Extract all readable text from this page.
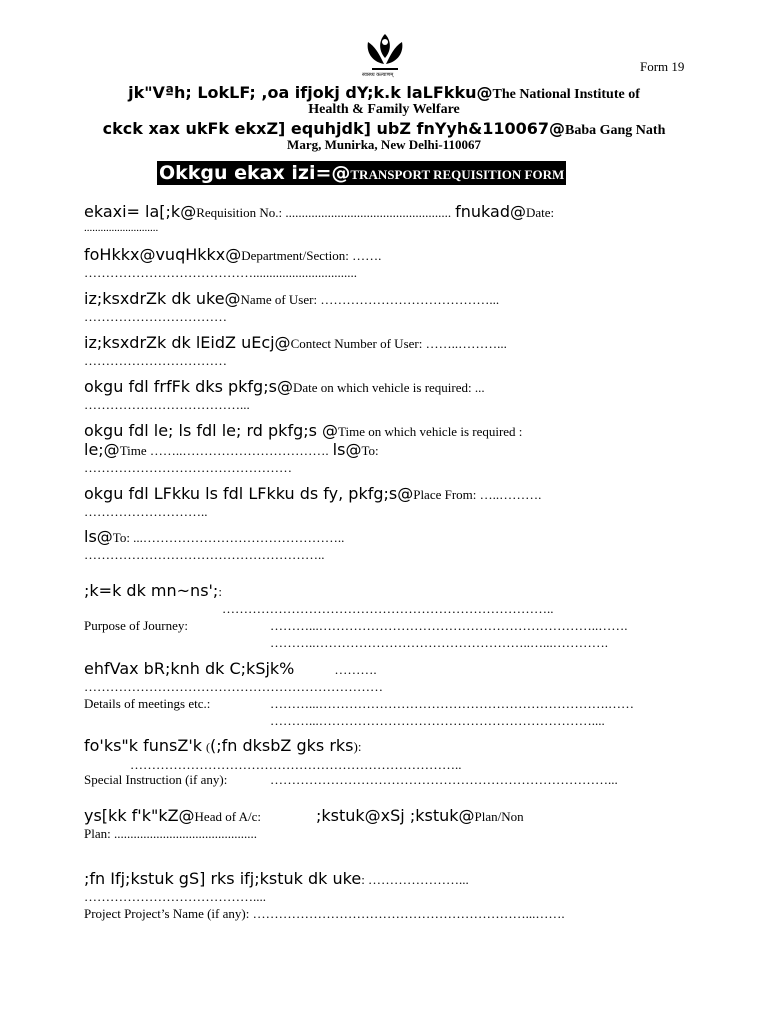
Form 19
स्वास्थ्य कल्याणम्
jk"Vªh; LokLF; ,oa ifjokj dY;k.k laLFkku@The National Institute of
Health & Family Welfare
ckck xax ukFk ekxZ] equhjdk] ubZ fnYyh&110067@Baba Gang Nath
Marg, Munirka, New Delhi-110067
Okkgu ekax izi=@TRANSPORT REQUISITION FORM
ekaxi= la[;k@Requisition No.: ................................................... fnukad@Date:
...........................
foHkkx@vuqHkkx@Department/Section: …….
…………………………………................................
iz;ksxdrZk dk uke@Name of User: …………………………………...
……………………………
iz;ksxdrZk dk lEidZ uEcj@Contect Number of User: ……..………...
……………………………
okgu fdl frfFk dks pkfg;s@Date on which vehicle is required: ...
………………………………...
okgu fdl le; ls fdl le; rd pkfg;s @Time on which vehicle is required :
le;@Time ……..……………………………. ls@To:
…………………………………………
okgu fdl LFkku ls fdl LFkku ds fy, pkfg;s@Place From: …..……….
………………………..
ls@To: ...………………………………………..
………………………………………………..
;k=k dk mn~ns';:
…………………………………………………………………..
Purpose of Journey:	………...………………………………………………………..…….
………..…………………………………………..…...………….
ehfVax bR;knh dk C;kSjk%	……….
……………………………………………………………
Details of meetings etc.:	………...………………………………………………………….……
………...………………………………………………………....
fo'ks"k funsZ'k ((;fn dksbZ gks rks):
…………………………………………………………………..
Special Instruction (if any):	……………………………………………………………………...
ys[kk f'k"kZ@Head of A/c:	;kstuk@xSj ;kstuk@Plan/Non
Plan: ............................................
;fn Ifj;kstuk gS] rks ifj;kstuk dk uke: …………………...
…………………………………....
Project Project’s Name (if any): ………………………………………………………...…….
